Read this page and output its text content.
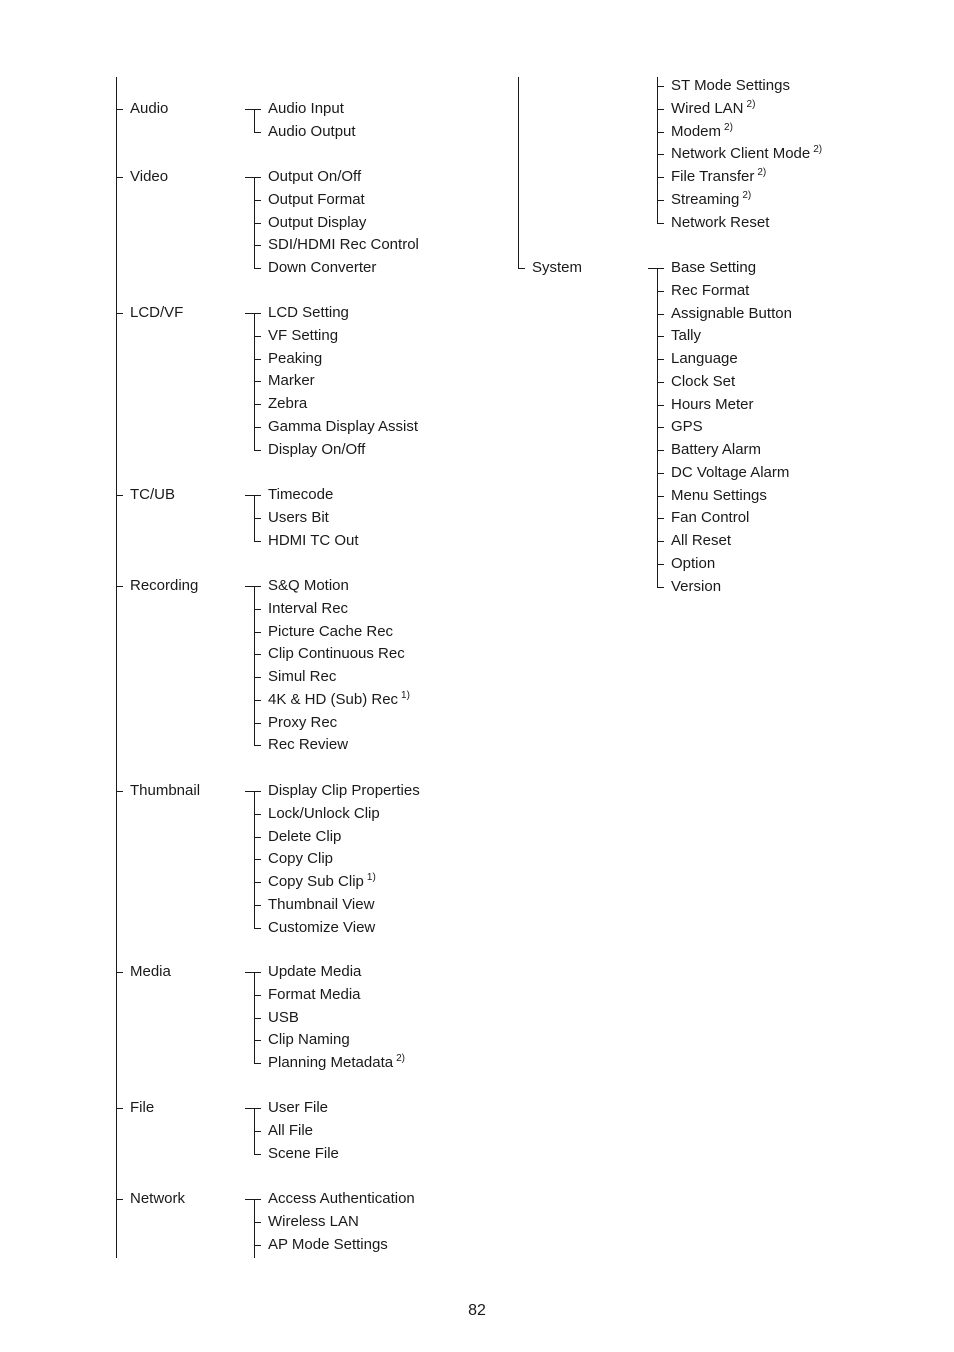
Audio	Audio Input
Audio Output
Video	Output On/Off
Output Format
Output Display
SDI/HDMI Rec Control
Down Converter
LCD/VF	LCD Setting
VF Setting
Peaking
Marker
Zebra
Gamma Display Assist
Display On/Off
TC/UB	Timecode
Users Bit
HDMI TC Out
Recording	S&Q Motion
Interval Rec
Picture Cache Rec
Clip Continuous Rec
Simul Rec
4K & HD (Sub) Rec $^{1)}$
Proxy Rec
Rec Review
Thumbnail	Display Clip Properties
Lock/Unlock Clip
Delete Clip
Copy Clip
Copy Sub Clip $^{1)}$
Thumbnail View
Customize View
Media	Update Media
Format Media
USB
Clip Naming
Planning Metadata $^{2)}$
File	User File
All File
Scene File
Network	Access Authentication
Wireless LAN
AP Mode Settings
ST Mode Settings
Wired LAN $^{2)}$
Modem $^{2)}$
Network Client Mode $^{2)}$
File Transfer $^{2)}$
Streaming $^{2)}$
Network Reset
System	Base Setting
Rec Format
Assignable Button
Tally
Language
Clock Set
Hours Meter
GPS
Battery Alarm
DC Voltage Alarm
Menu Settings
Fan Control
All Reset
Option
Version
82
